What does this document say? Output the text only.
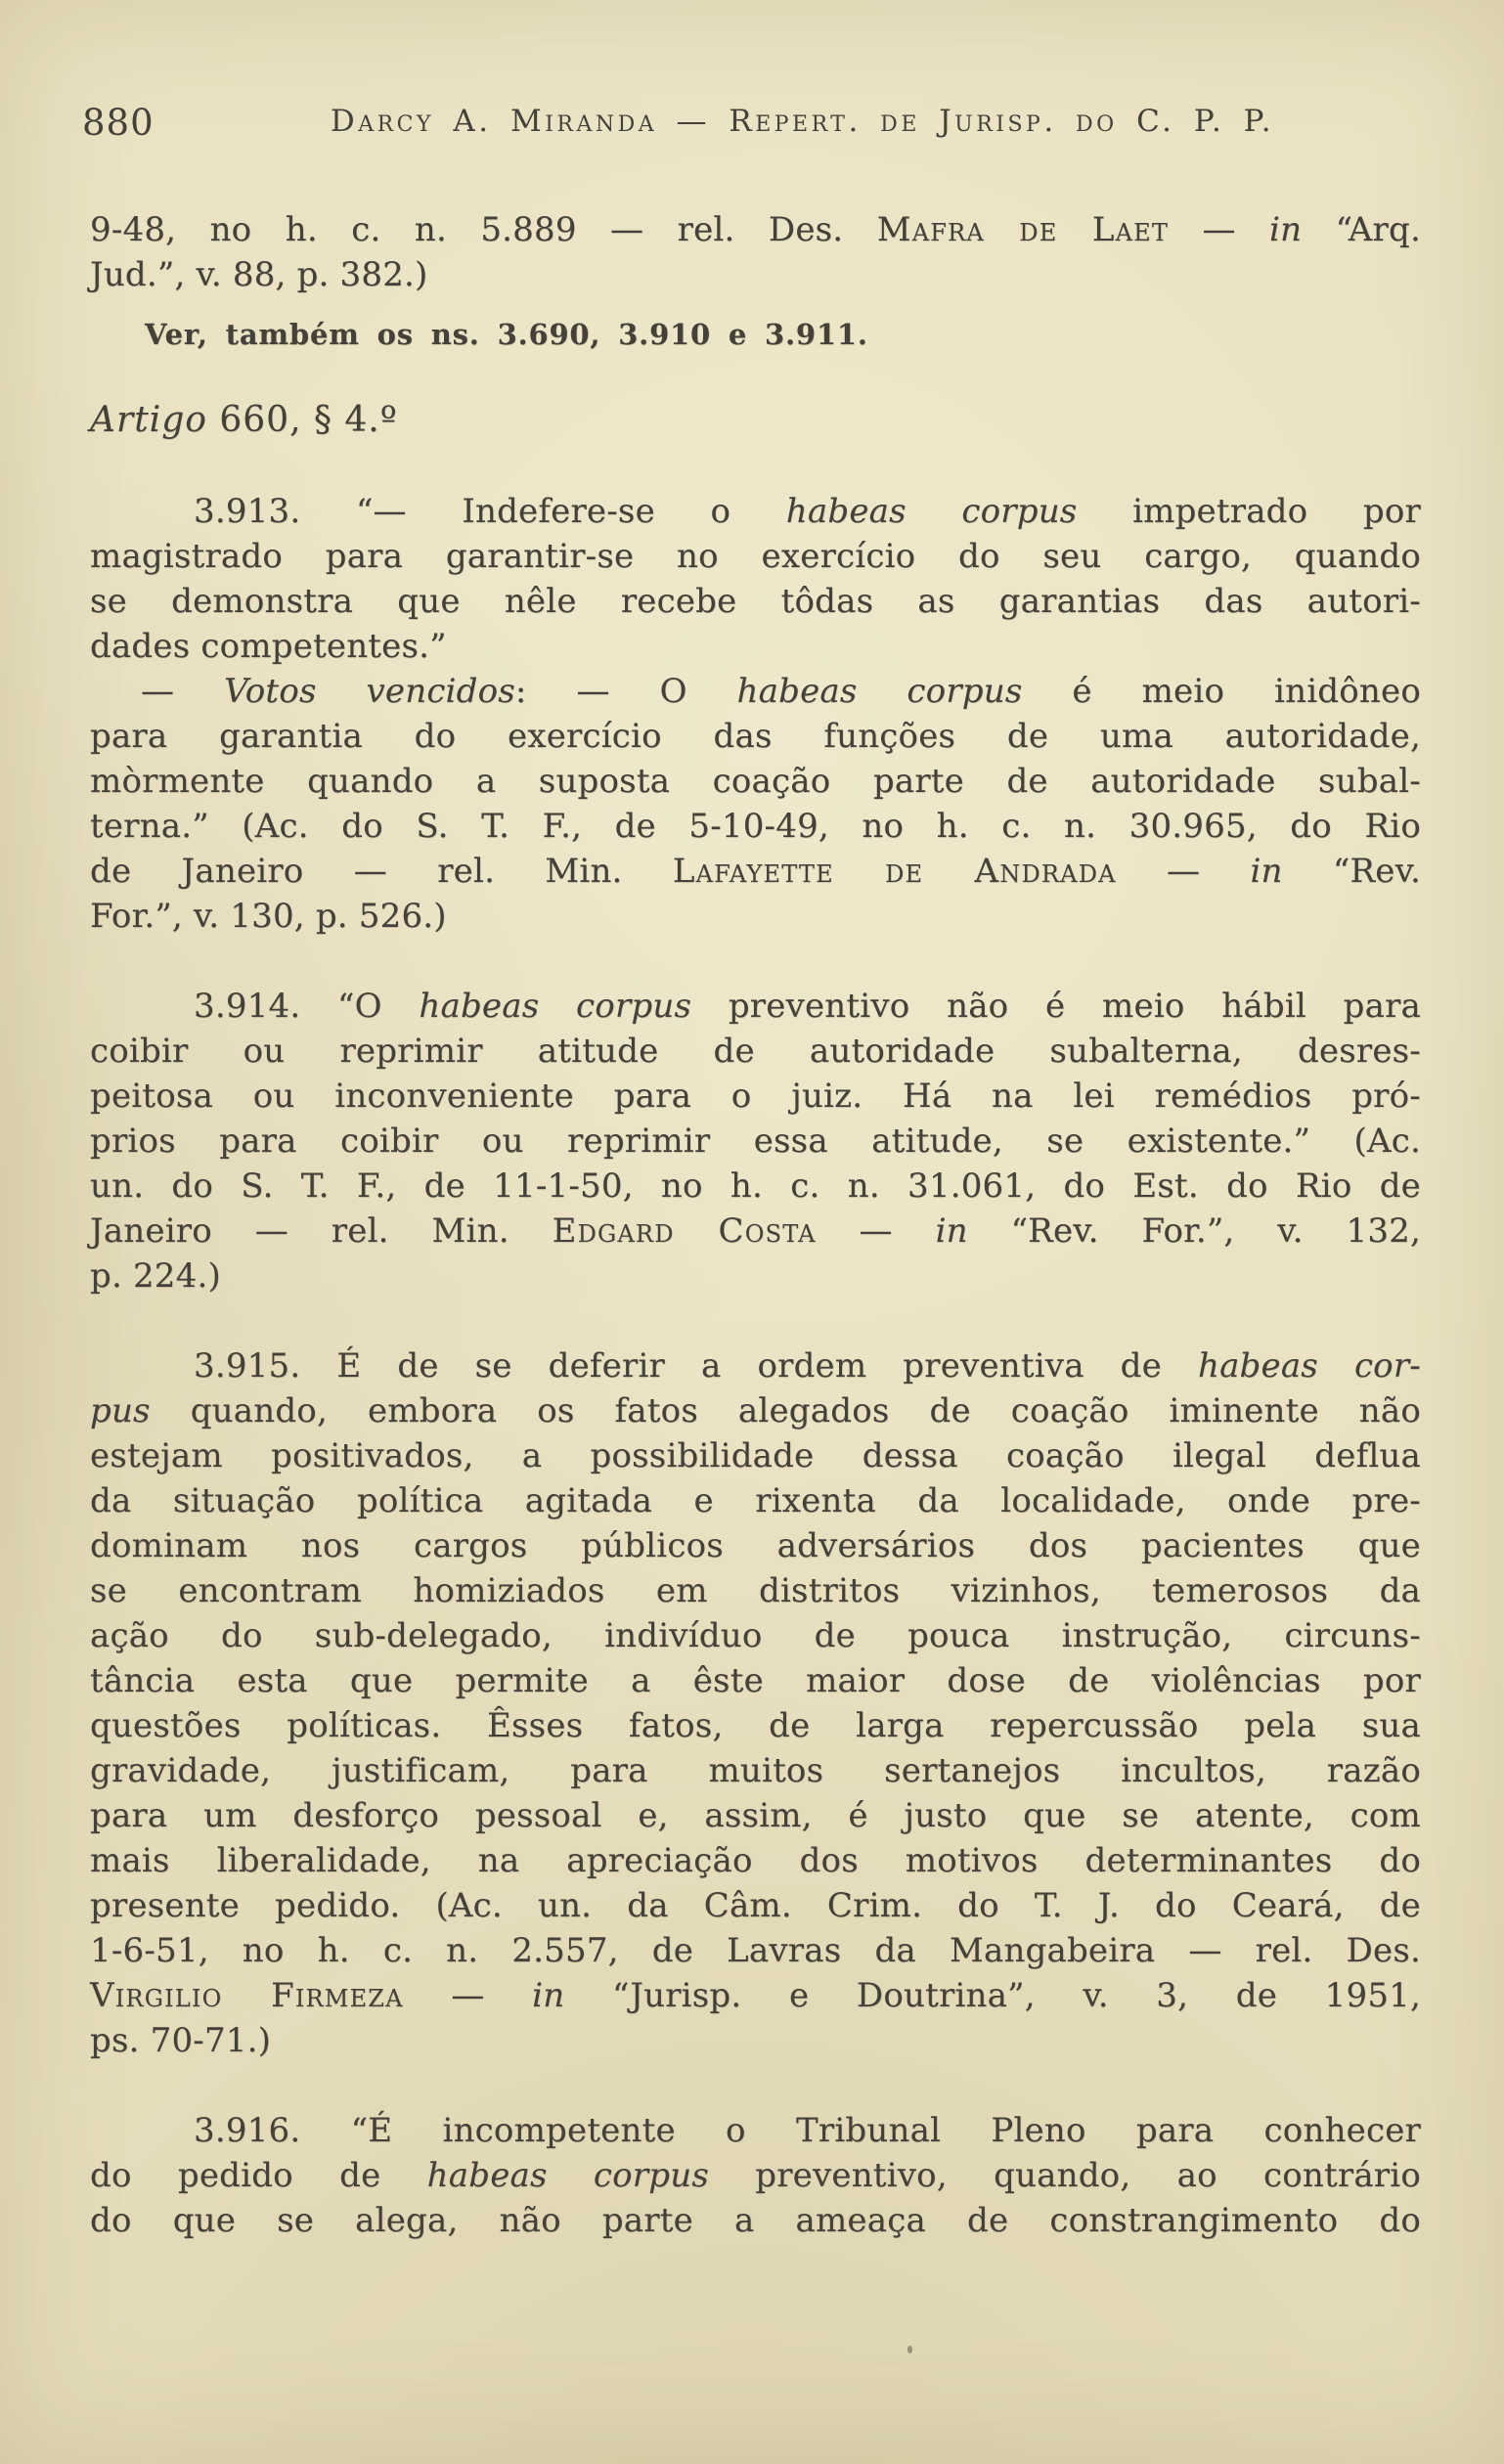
880	Darcy A. Miranda — Repert. de Jurisp. do C. P. P.
9-48, no h. c. n. 5.889 — rel. Des. Mafra de Laet — in “Arq.
Jud.”, v. 88, p. 382.)
Ver, também os ns. 3.690, 3.910 e 3.911.
Artigo 660, § 4.º
3.913. “— Indefere-se o habeas corpus impetrado por
magistrado para garantir-se no exercício do seu cargo, quando
se demonstra que nêle recebe tôdas as garantias das autori-
dades competentes.”
— Votos vencidos: — O habeas corpus é meio inidôneo
para garantia do exercício das funções de uma autoridade,
mòrmente quando a suposta coação parte de autoridade subal-
terna.” (Ac. do S. T. F., de 5-10-49, no h. c. n. 30.965, do Rio
de Janeiro — rel. Min. Lafayette de Andrada — in “Rev.
For.”, v. 130, p. 526.)
3.914. “O habeas corpus preventivo não é meio hábil para
coibir ou reprimir atitude de autoridade subalterna, desres-
peitosa ou inconveniente para o juiz. Há na lei remédios pró-
prios para coibir ou reprimir essa atitude, se existente.” (Ac.
un. do S. T. F., de 11-1-50, no h. c. n. 31.061, do Est. do Rio de
Janeiro — rel. Min. Edgard Costa — in “Rev. For.”, v. 132,
p. 224.)
3.915. É de se deferir a ordem preventiva de habeas cor-
pus quando, embora os fatos alegados de coação iminente não
estejam positivados, a possibilidade dessa coação ilegal deflua
da situação política agitada e rixenta da localidade, onde pre-
dominam nos cargos públicos adversários dos pacientes que
se encontram homiziados em distritos vizinhos, temerosos da
ação do sub-delegado, indivíduo de pouca instrução, circuns-
tância esta que permite a êste maior dose de violências por
questões políticas. Êsses fatos, de larga repercussão pela sua
gravidade, justificam, para muitos sertanejos incultos, razão
para um desforço pessoal e, assim, é justo que se atente, com
mais liberalidade, na apreciação dos motivos determinantes do
presente pedido. (Ac. un. da Câm. Crim. do T. J. do Ceará, de
1-6-51, no h. c. n. 2.557, de Lavras da Mangabeira — rel. Des.
Virgilio Firmeza — in “Jurisp. e Doutrina”, v. 3, de 1951,
ps. 70-71.)
3.916. “É incompetente o Tribunal Pleno para conhecer
do pedido de habeas corpus preventivo, quando, ao contrário
do que se alega, não parte a ameaça de constrangimento do
